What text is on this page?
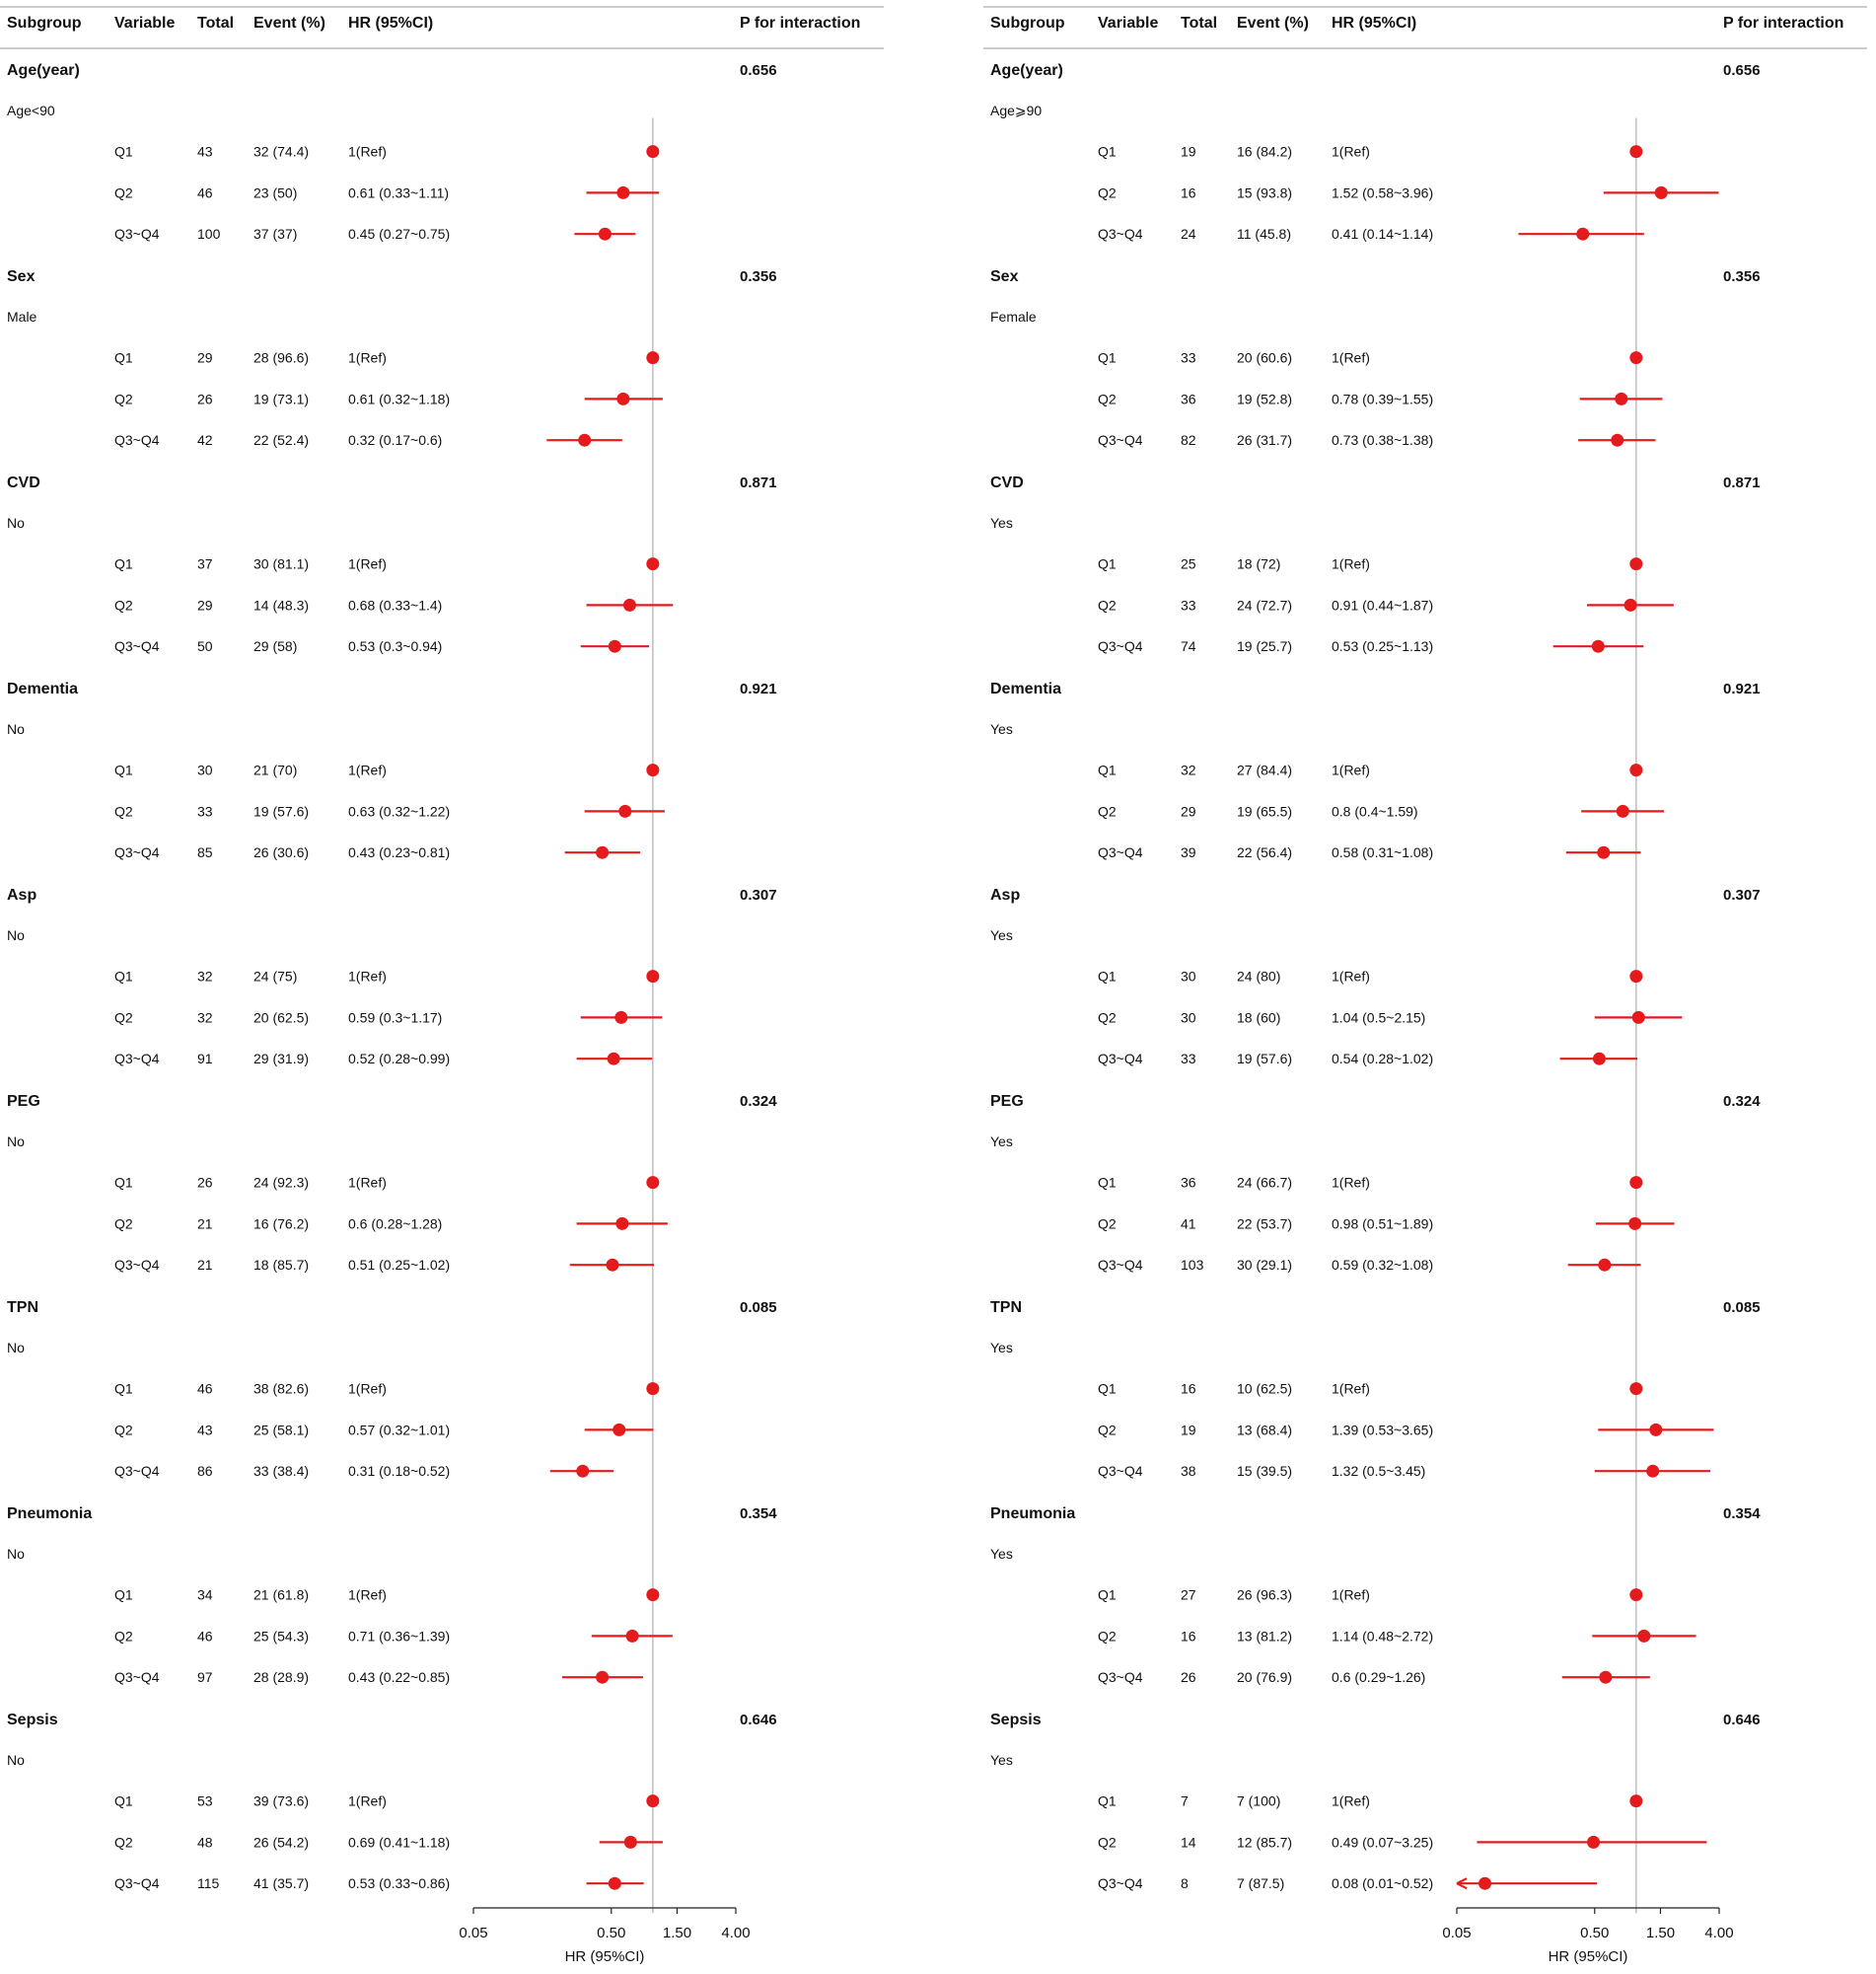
Subgroup Variable Total Event (%) HR (95%CI)	P for interaction
Age(year)	0.656
Age<90
Q1	43	32 (74.4)	1(Ref)
Q2	46	23 (50)	0.61 (0.33~1.11)
Q3~Q4	100 37 (37)	0.45 (0.27~0.75)
Sex	0.356
Male
Q1	29	28 (96.6)	1(Ref)
Q2	26	19 (73.1)	0.61 (0.32~1.18)
Q3~Q4	42	22 (52.4)	0.32 (0.17~0.6)
CVD	0.871
No
Q1	37	30 (81.1)	1(Ref)
Q2	29	14 (48.3)	0.68 (0.33~1.4)
Q3~Q4	50	29 (58)	0.53 (0.3~0.94)
Dementia	0.921
No
Q1	30	21 (70)	1(Ref)
Q2	33	19 (57.6)	0.63 (0.32~1.22)
Q3~Q4	85	26 (30.6)	0.43 (0.23~0.81)
Asp	0.307
No
Q1	32	24 (75)	1(Ref)
Q2	32	20 (62.5)	0.59 (0.3~1.17)
Q3~Q4	91	29 (31.9)	0.52 (0.28~0.99)
PEG	0.324
No
Q1	26	24 (92.3)	1(Ref)
Q2	21	16 (76.2)	0.6 (0.28~1.28)
Q3~Q4	21	18 (85.7)	0.51 (0.25~1.02)
TPN	0.085
No
Q1	46	38 (82.6)	1(Ref)
Q2	43	25 (58.1)	0.57 (0.32~1.01)
Q3~Q4	86	33 (38.4)	0.31 (0.18~0.52)
Pneumonia	0.354
No
Q1	34	21 (61.8)	1(Ref)
Q2	46	25 (54.3)	0.71 (0.36~1.39)
Q3~Q4	97	28 (28.9)	0.43 (0.22~0.85)
Sepsis	0.646
No
Q1	53	39 (73.6)	1(Ref)
Q2	48	26 (54.2)	0.69 (0.41~1.18)
Q3~Q4	115 41 (35.7)	0.53 (0.33~0.86)
0.05	0.50 1.50 4.00
HR (95%CI)
Subgroup Variable Total Event (%) HR (95%CI)	P for interaction
Age(year)	0.656
Age⩾90
Q1	19	16 (84.2)	1(Ref)
Q2	16	15 (93.8)	1.52 (0.58~3.96)
Q3~Q4	24	11 (45.8)	0.41 (0.14~1.14)
Sex	0.356
Female
Q1	33	20 (60.6)	1(Ref)
Q2	36	19 (52.8)	0.78 (0.39~1.55)
Q3~Q4	82	26 (31.7)	0.73 (0.38~1.38)
CVD	0.871
Yes
Q1	25	18 (72)	1(Ref)
Q2	33	24 (72.7)	0.91 (0.44~1.87)
Q3~Q4	74	19 (25.7)	0.53 (0.25~1.13)
Dementia	0.921
Yes
Q1	32	27 (84.4)	1(Ref)
Q2	29	19 (65.5)	0.8 (0.4~1.59)
Q3~Q4	39	22 (56.4)	0.58 (0.31~1.08)
Asp	0.307
Yes
Q1	30	24 (80)	1(Ref)
Q2	30	18 (60)	1.04 (0.5~2.15)
Q3~Q4	33	19 (57.6)	0.54 (0.28~1.02)
PEG	0.324
Yes
Q1	36	24 (66.7)	1(Ref)
Q2	41	22 (53.7)	0.98 (0.51~1.89)
Q3~Q4	103 30 (29.1)	0.59 (0.32~1.08)
TPN	0.085
Yes
Q1	16	10 (62.5)	1(Ref)
Q2	19	13 (68.4)	1.39 (0.53~3.65)
Q3~Q4	38	15 (39.5)	1.32 (0.5~3.45)
Pneumonia	0.354
Yes
Q1	27	26 (96.3)	1(Ref)
Q2	16	13 (81.2)	1.14 (0.48~2.72)
Q3~Q4	26	20 (76.9)	0.6 (0.29~1.26)
Sepsis	0.646
Yes
Q1	7	7 (100)	1(Ref)
Q2	14	12 (85.7)	0.49 (0.07~3.25)
Q3~Q4	8	7 (87.5)	0.08 (0.01~0.52)
0.05	0.50 1.50 4.00
HR (95%CI)
